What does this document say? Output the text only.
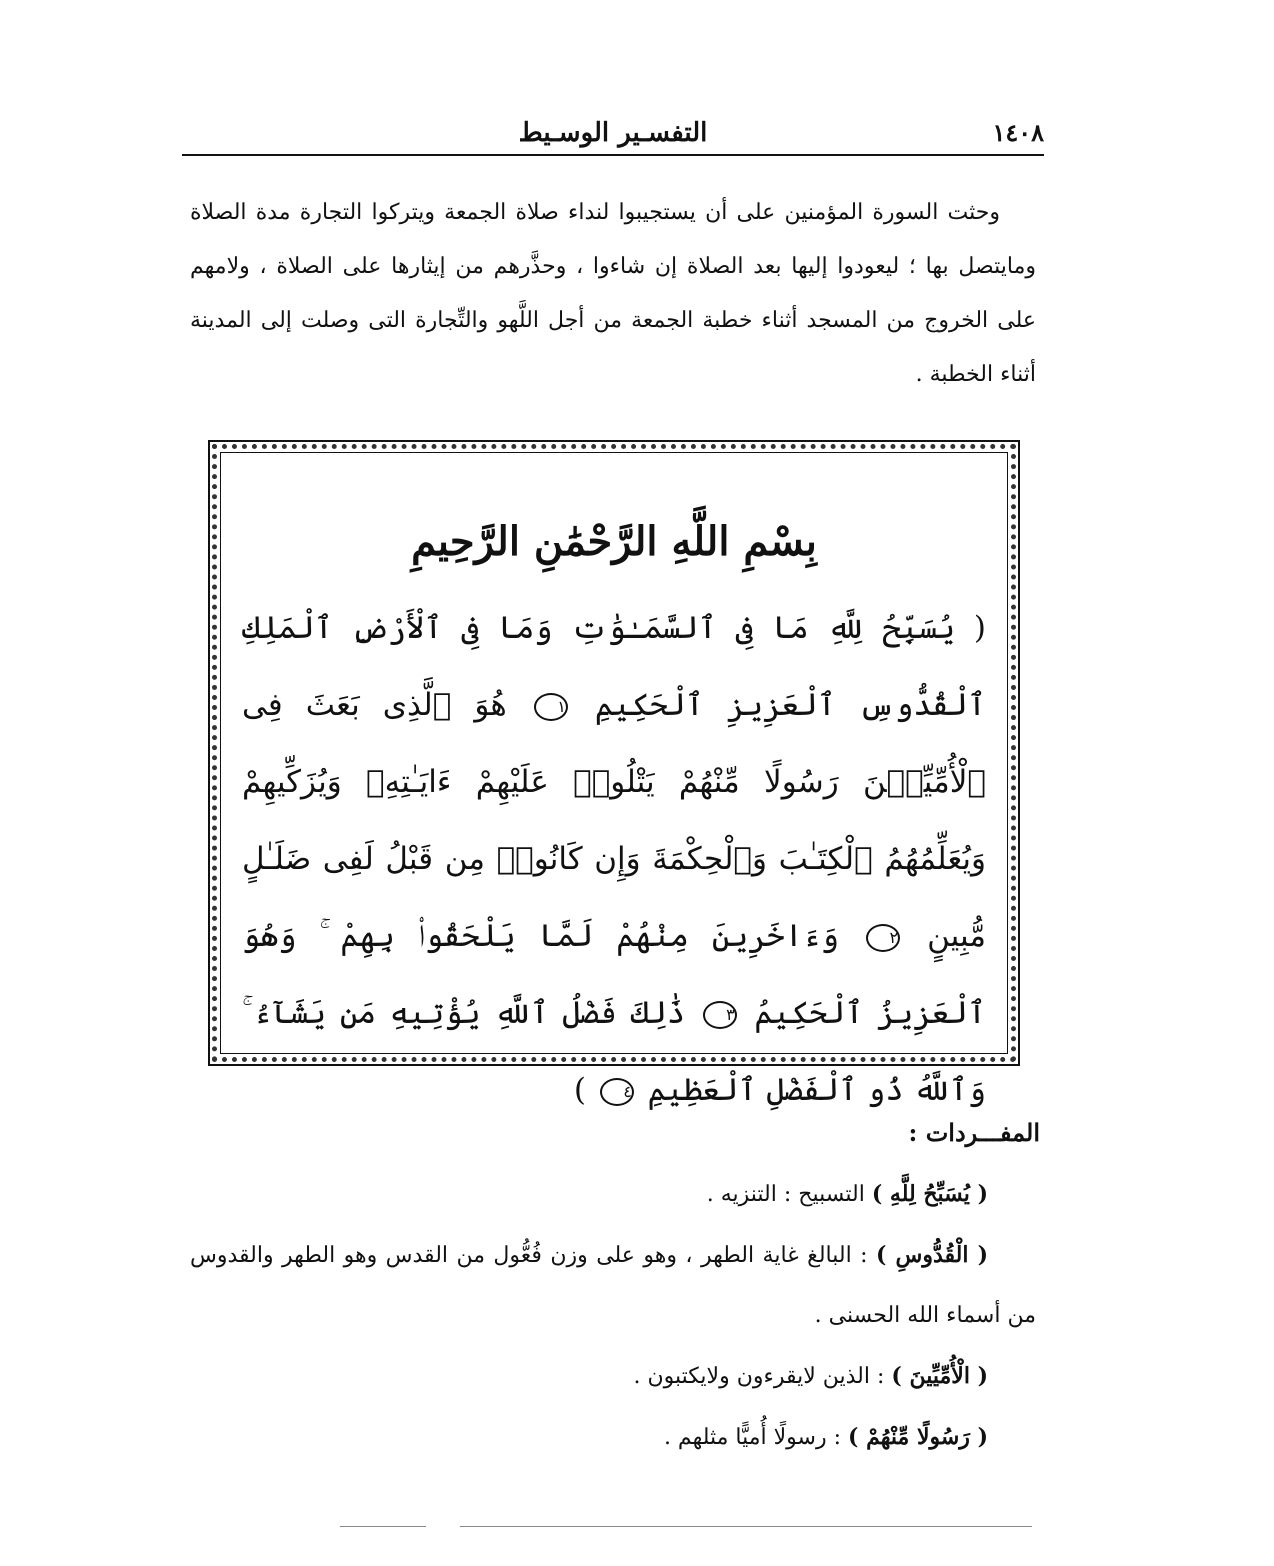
١٤٠٨
التفسـير الوسـيط

وحثت السورة المؤمنين على أن يستجيبوا لنداء صلاة الجمعة ويتركوا التجارة مدة الصلاة ومايتصل بها ؛ ليعودوا إليها بعد الصلاة إن شاءوا ، وحذَّرهم من إيثارها على الصلاة ، ولامهم على الخروج من المسجد أثناء خطبة الجمعة من أجل اللَّهو والتِّجارة التى وصلت إلى المدينة أثناء الخطبة .

بِسْمِ اللَّهِ الرَّحْمَٰنِ الرَّحِيمِ
( يُسَبِّحُ لِلَّهِ مَا فِى ٱلسَّمَـٰوَٰتِ وَمَا فِى ٱلْأَرْضِ ٱلْمَلِكِ ٱلْقُدُّوسِ ٱلْعَزِيزِ ٱلْحَكِيمِ ١ هُوَ ٱلَّذِى بَعَثَ فِى ٱلْأُمِّيِّـۧنَ رَسُولًا مِّنْهُمْ يَتْلُوا۟ عَلَيْهِمْ ءَايَـٰتِهِۦ وَيُزَكِّيهِمْ وَيُعَلِّمُهُمُ ٱلْكِتَـٰبَ وَٱلْحِكْمَةَ وَإِن كَانُوا۟ مِن قَبْلُ لَفِى ضَلَـٰلٍ مُّبِينٍ ٢ وَءَاخَرِينَ مِنْهُمْ لَمَّا يَلْحَقُوا۟ بِهِمْ ۚ وَهُوَ ٱلْعَزِيزُ ٱلْحَكِيمُ ٣ ذَٰلِكَ فَضْلُ ٱللَّهِ يُؤْتِيهِ مَن يَشَآءُ ۚ وَٱللَّهُ ذُو ٱلْفَضْلِ ٱلْعَظِيمِ ٤ )
المفـــردات :

( يُسَبِّحُ لِلَّهِ ) التسبيح : التنزيه .

( الْقُدُّوسِ ) : البالغ غاية الطهر ، وهو على وزن فُعُّول من القدس وهو الطهر والقدوس من أسماء الله الحسنى .

( الْأُمِّيِّينَ ) : الذين لايقرءون ولايكتبون .

( رَسُولًا مِّنْهُمْ ) : رسولًا أُميًّا مثلهم .
